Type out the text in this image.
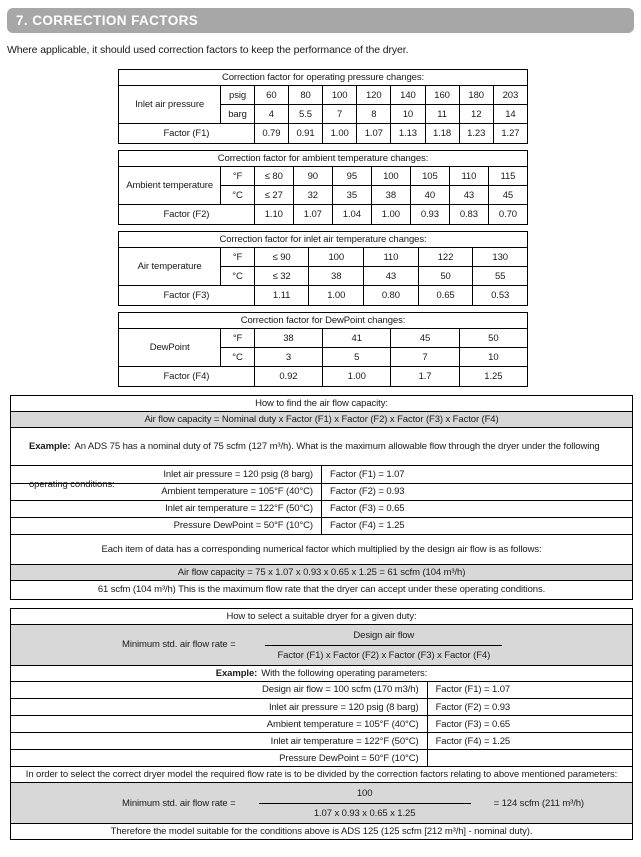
7. CORRECTION FACTORS
Where applicable, it should used correction factors to keep the performance of the dryer.
Correction factor for operating pressure changes:									
Inlet air pressure	psig	60	80	100	120	140	160	180	203
	barg	4	5.5	7	8	10	11	12	14
Factor (F1)		0.79	0.91	1.00	1.07	1.13	1.18	1.23	1.27
Correction factor for ambient temperature changes:								
Ambient temperature	°F	≤ 80	90	95	100	105	110	115
	°C	≤ 27	32	35	38	40	43	45
Factor (F2)		1.10	1.07	1.04	1.00	0.93	0.83	0.70
Correction factor for inlet air temperature changes:						
Air temperature	°F	≤ 90	100	110	122	130
	°C	≤ 32	38	43	50	55
Factor (F3)		1.11	1.00	0.80	0.65	0.53
Correction factor for DewPoint changes:					
DewPoint	°F	38	41	45	50
	°C	3	5	7	10
Factor (F4)		0.92	1.00	1.7	1.25
How to find the air flow capacity:
Air flow capacity = Nominal duty x Factor (F1) x Factor (F2) x Factor (F3) x Factor (F4)
Example: An ADS 75 has a nominal duty of 75 scfm (127 m³/h). What is the maximum allowable flow through the dryer under the following operating conditions:
Inlet air pressure = 120 psig (8 barg)	Factor (F1) = 1.07
Ambient temperature = 105°F (40°C)	Factor (F2) = 0.93
Inlet air temperature = 122°F (50°C)	Factor (F3) = 0.65
Pressure DewPoint = 50°F (10°C)	Factor (F4) = 1.25
Each item of data has a corresponding numerical factor which multiplied by the design air flow is as follows:
Air flow capacity = 75 x 1.07 x 0.93 x 0.65 x 1.25 = 61 scfm (104 m³/h)
61 scfm (104 m³/h) This is the maximum flow rate that the dryer can accept under these operating conditions.
How to select a suitable dryer for a given duty:
Minimum std. air flow rate =	$\frac{\text{Design air flow}}{\text{Factor (F1) x Factor (F2) x Factor (F3) x Factor (F4)}}$
Example: With the following operating parameters:
Design air flow = 100 scfm (170 m3/h)	Factor (F1) = 1.07
Inlet air pressure = 120 psig (8 barg)	Factor (F2) = 0.93
Ambient temperature = 105°F (40°C)	Factor (F3) = 0.65
Inlet air temperature = 122°F (50°C)	Factor (F4) = 1.25
Pressure DewPoint = 50°F (10°C)	
In order to select the correct dryer model the required flow rate is to be divided by the correction factors relating to above mentioned parameters:
Minimum std. air flow rate = $\frac{100}{1.07 x 0.93 x 0.65 x 1.25} = 124$ scfm (211 m³/h)
Therefore the model suitable for the conditions above is ADS 125 (125 scfm [212 m³/h] - nominal duty).
